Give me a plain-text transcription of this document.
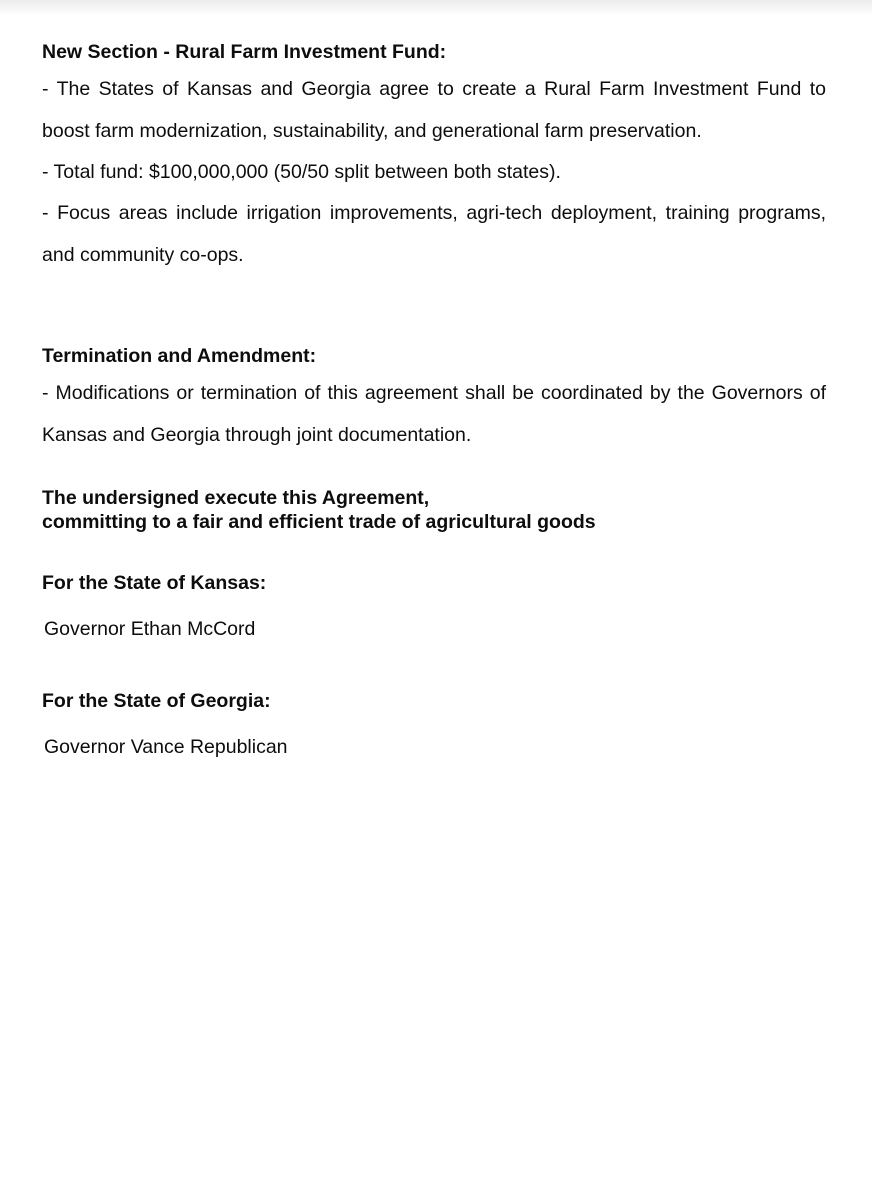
New Section - Rural Farm Investment Fund:

- The States of Kansas and Georgia agree to create a Rural Farm Investment Fund to boost farm modernization, sustainability, and generational farm preservation.

- Total fund: $100,000,000 (50/50 split between both states).

- Focus areas include irrigation improvements, agri-tech deployment, training programs, and community co-ops.

Termination and Amendment:

- Modifications or termination of this agreement shall be coordinated by the Governors of Kansas and Georgia through joint documentation.

The undersigned execute this Agreement,
committing to a fair and efficient trade of agricultural goods

For the State of Kansas:

Governor Ethan McCord

For the State of Georgia:

Governor Vance Republican
